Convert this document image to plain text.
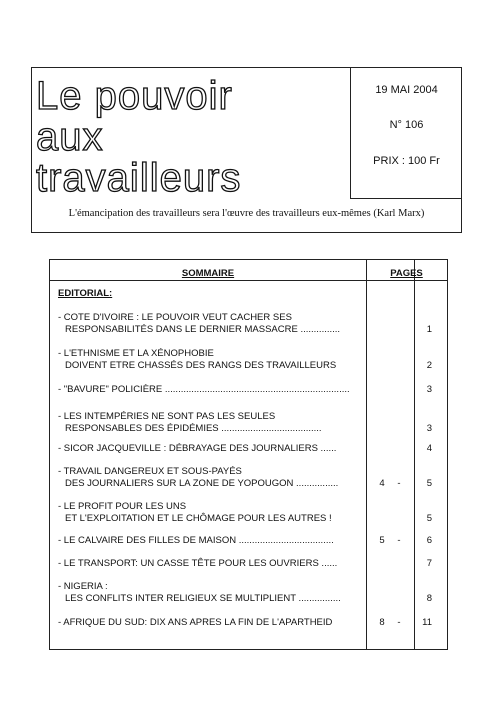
Le pouvoir
aux
travailleurs
19 MAI 2004
N° 106
PRIX : 100 Fr
L'émancipation des travailleurs sera l'œuvre des travailleurs eux-mêmes (Karl Marx)
SOMMAIRE	PAGES
EDITORIAL:
- COTE D'IVOIRE : LE POUVOIR VEUT CACHER SES
RESPONSABILITÉS DANS LE DERNIER MASSACRE ...............	1
- L'ETHNISME ET LA XÉNOPHOBIE
DOIVENT ETRE CHASSÉS DES RANGS DES TRAVAILLEURS	2
- "BAVURE" POLICIÈRE ......................................................................	3
- LES INTEMPÉRIES NE SONT PAS LES SEULES
RESPONSABLES DES ÉPIDÉMIES ......................................	3
- SICOR JACQUEVILLE : DÉBRAYAGE DES JOURNALIERS ......	4
- TRAVAIL DANGEREUX ET SOUS-PAYÉS
DES JOURNALIERS SUR LA ZONE DE YOPOUGON ................	4	-	5
- LE PROFIT POUR LES UNS
ET L'EXPLOITATION ET LE CHÔMAGE POUR LES AUTRES !	5
- LE CALVAIRE DES FILLES DE MAISON ....................................	5	-	6
- LE TRANSPORT: UN CASSE TÊTE POUR LES OUVRIERS ......	7
- NIGERIA :
LES CONFLITS INTER RELIGIEUX SE MULTIPLIENT ................	8
- AFRIQUE DU SUD: DIX ANS APRES LA FIN DE L'APARTHEID	8	-	11
